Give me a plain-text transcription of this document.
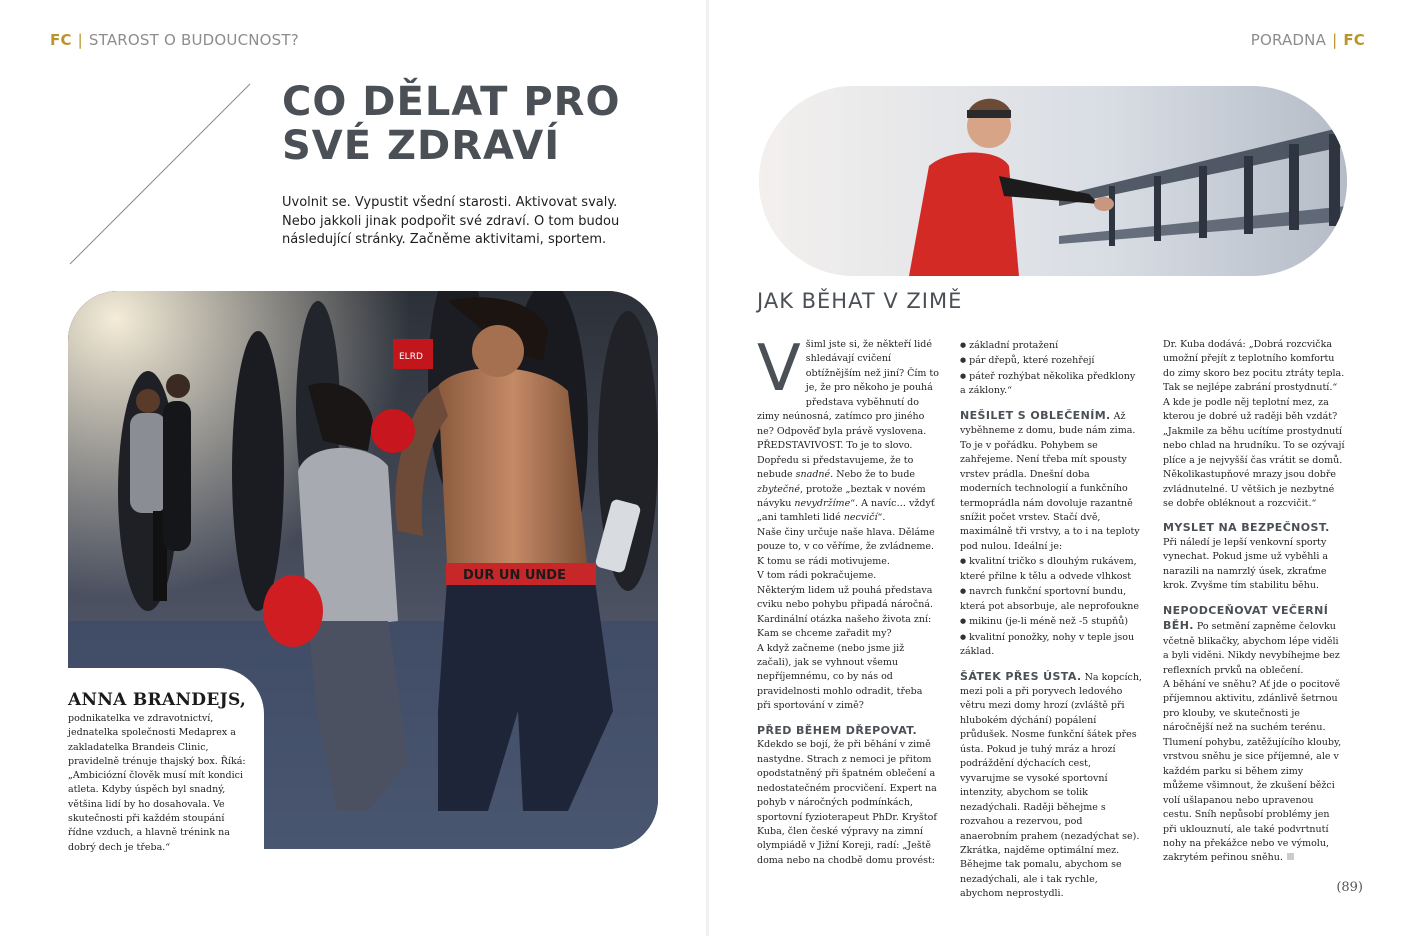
FC | STAROST O BUDOUCNOST?
CO DĚLAT PRO
SVÉ ZDRAVÍ

Uvolnit se. Vypustit všední starosti. Aktivovat svaly. Nebo jakkoli jinak podpořit své zdraví. O tom budou následující stránky. Začněme aktivitami, sportem.

ELRD
DUR UN UNDE
ANNA BRANDEJS,

podnikatelka ve zdravotnictví, jednatelka společnosti Medaprex a zakladatelka Brandeis Clinic, pravidelně trénuje thajský box. Říká: „Ambiciózní člověk musí mít kondici atleta. Kdyby úspěch byl snadný, většina lidí by ho dosahovala. Ve skutečnosti při každém stoupání řídne vzduch, a hlavně trénink na dobrý dech je třeba.“

PORADNA | FC
JAK BĚHAT V ZIMĚ
V šiml jste si, že někteří lidé shledávají cvičení obtížnějším než jiní? Čím to je, že pro někoho je pouhá představa vyběhnutí do zimy neúnosná, zatímco pro jiného ne? Odpověď byla právě vyslovena. PŘEDSTAVIVOST. To je to slovo.

Dopředu si představujeme, že to nebude snadné. Nebo že to bude zbytečné, protože „beztak v novém návyku nevydržíme“. A navíc… vždyť „ani tamhleti lidé necvičí“.

Naše činy určuje naše hlava. Děláme pouze to, v co věříme, že zvládneme. K tomu se rádi motivujeme.

V tom rádi pokračujeme.

Některým lidem už pouhá představa cviku nebo pohybu připadá náročná. Kardinální otázka našeho života zní: Kam se chceme zařadit my?

A když začneme (nebo jsme již začali), jak se vyhnout všemu nepříjemnému, co by nás od pravidelnosti mohlo odradit, třeba při sportování v zimě?

PŘED BĚHEM DŘEPOVAT.

Kdekdo se bojí, že při běhání v zimě nastydne. Strach z nemoci je přitom opodstatněný při špatném oblečení a nedostatečném procvičení. Expert na pohyb v náročných podmínkách, sportovní fyzioterapeut PhDr. Kryštof Kuba, člen české výpravy na zimní olympiádě v Jižní Koreji, radí: „Ještě doma nebo na chodbě domu provést:

● základní protažení
● pár dřepů, které rozehřejí
● páteř rozhýbat několika předklony a záklony.“

NEŠILET S OBLEČENÍM. Až vyběhneme z domu, bude nám zima. To je v pořádku. Pohybem se zahřejeme. Není třeba mít spousty vrstev prádla. Dnešní doba moderních technologií a funkčního termoprádla nám dovoluje razantně snížit počet vrstev. Stačí dvě, maximálně tři vrstvy, a to i na teploty pod nulou. Ideální je:

● kvalitní tričko s dlouhým rukávem, které přilne k tělu a odvede vlhkost
● navrch funkční sportovní bundu, která pot absorbuje, ale neprofoukne
● mikinu (je-li méně než -5 stupňů)
● kvalitní ponožky, nohy v teple jsou základ.

ŠÁTEK PŘES ÚSTA. Na kopcích, mezi poli a při poryvech ledového větru mezi domy hrozí (zvláště při hlubokém dýchání) popálení průdušek. Nosme funkční šátek přes ústa. Pokud je tuhý mráz a hrozí podráždění dýchacích cest, vyvarujme se vysoké sportovní intenzity, abychom se tolik nezadýchali. Raději běhejme s rozvahou a rezervou, pod anaerobním prahem (nezadýchat se). Zkrátka, najděme optimální mez. Běhejme tak pomalu, abychom se nezadýchali, ale i tak rychle, abychom neprostydli.

Dr. Kuba dodává: „Dobrá rozcvička umožní přejít z teplotního komfortu do zimy skoro bez pocitu ztráty tepla. Tak se nejlépe zabrání prostydnutí.“

A kde je podle něj teplotní mez, za kterou je dobré už raději běh vzdát? „Jakmile za běhu ucítíme prostydnutí nebo chlad na hrudníku. To se ozývají plíce a je nejvyšší čas vrátit se domů. Několikastupňové mrazy jsou dobře zvládnutelné. U většich je nezbytné se dobře obléknout a rozcvičit.“

MYSLET NA BEZPEČNOST.

Při náledí je lepší venkovní sporty vynechat. Pokud jsme už vyběhli a narazili na namrzlý úsek, zkraťme krok. Zvyšme tím stabilitu běhu.

NEPODCEŇOVAT VEČERNÍ BĚH. Po setmění zapněme čelovku včetně blikačky, abychom lépe viděli a byli viděni. Nikdy nevybíhejme bez reflexních prvků na oblečení.

A běhání ve sněhu? Ať jde o pocitově příjemnou aktivitu, zdánlivě šetrnou pro klouby, ve skutečnosti je náročnější než na suchém terénu. Tlumení pohybu, zatěžujícího klouby, vrstvou sněhu je sice příjemné, ale v každém parku si během zimy můžeme všimnout, že zkušení běžci volí ušlapanou nebo upravenou cestu. Sníh nepůsobí problémy jen při uklouznutí, ale také podvrtnutí nohy na překážce nebo ve výmolu, zakrytém peřinou sněhu.

(89)
